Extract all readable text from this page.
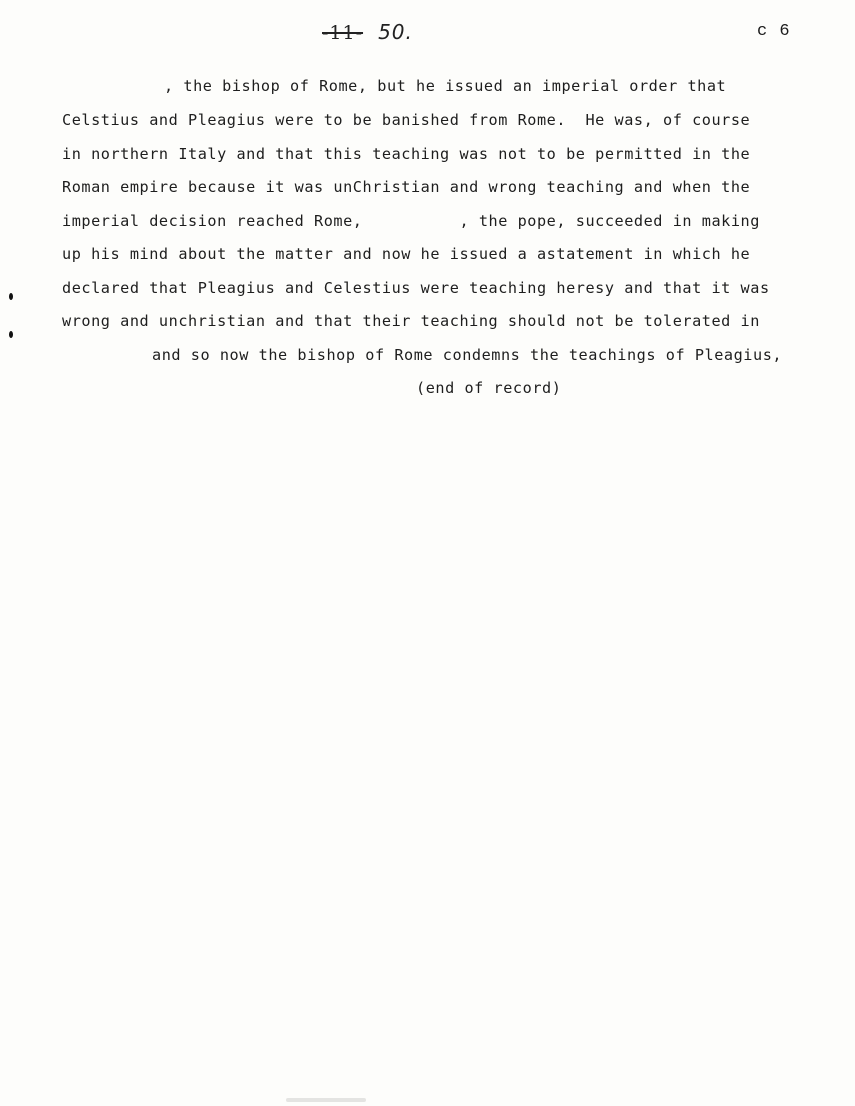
-11- 50.	c 6
, the bishop of Rome, but he issued an imperial order that
Celstius and Pleagius were to be banished from Rome.  He was, of course
in northern Italy and that this teaching was not to be permitted in the
Roman empire because it was unChristian and wrong teaching and when the
imperial decision reached Rome,          , the pope, succeeded in making
up his mind about the matter and now he issued a astatement in which he
declared that Pleagius and Celestius were teaching heresy and that it was
wrong and unchristian and that their teaching should not be tolerated in
and so now the bishop of Rome condemns the teachings of Pleagius,
(end of record)
